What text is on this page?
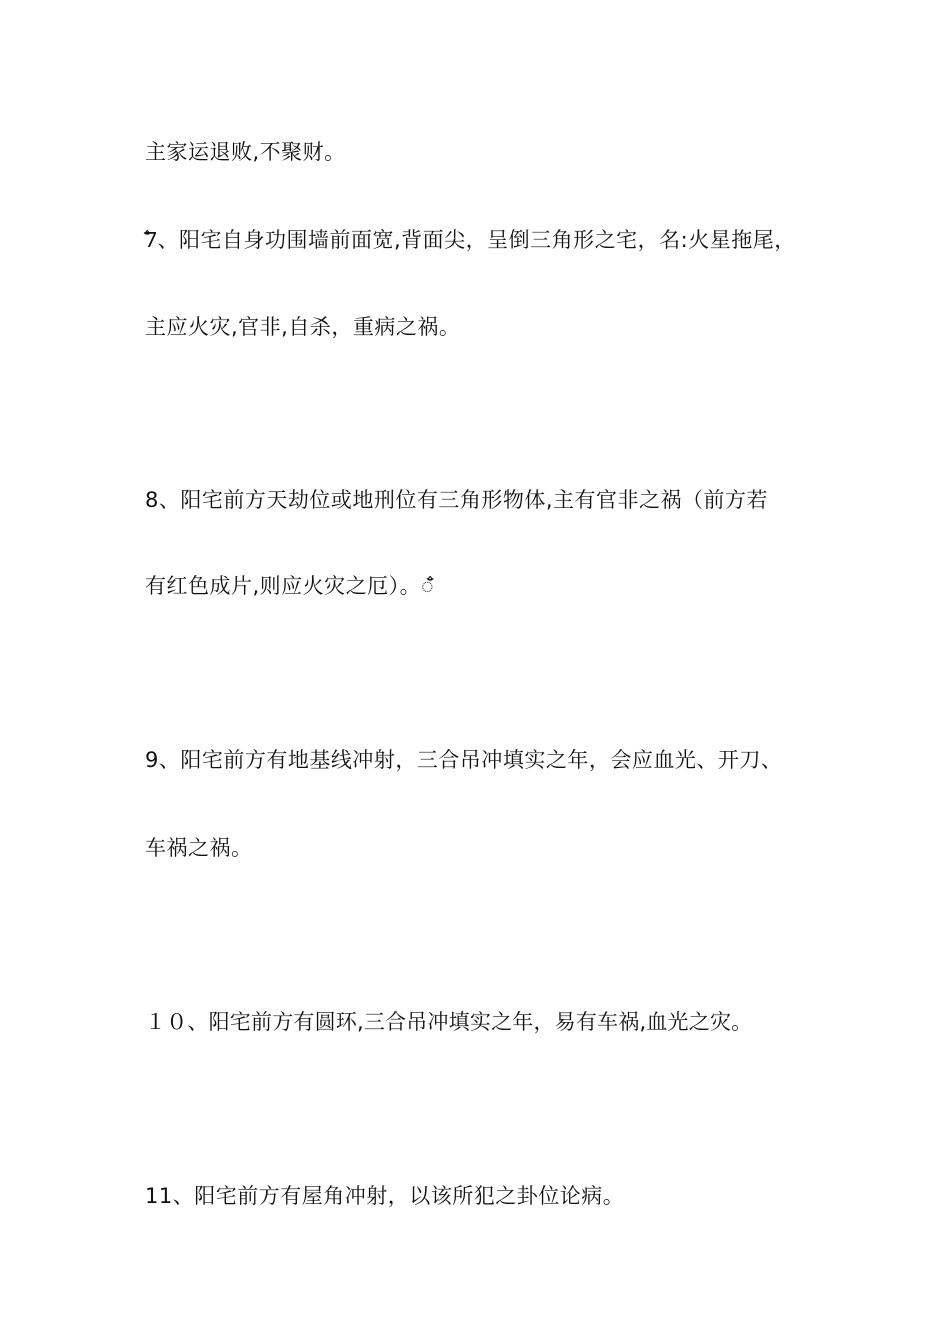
主家运退败,不聚财。
7ꦀ、阳宅自身功围墙前面宽,背面尖，呈倒三角形之宅，名:火星拖尾，
主应火灾,官非,自杀，重病之祸。
8、阳宅前方天劫位或地刑位有三角形物体,主有官非之祸（前方若
有红色成片,则应火灾之厄）。ꦀ
9、阳宅前方有地基线冲射，三合吊冲填实之年，会应血光、开刀、
车祸之祸。
１０、阳宅前方有圆环,三合吊冲填实之年，易有车祸,血光之灾。
11、阳宅前方有屋角冲射，以该所犯之卦位论病。
